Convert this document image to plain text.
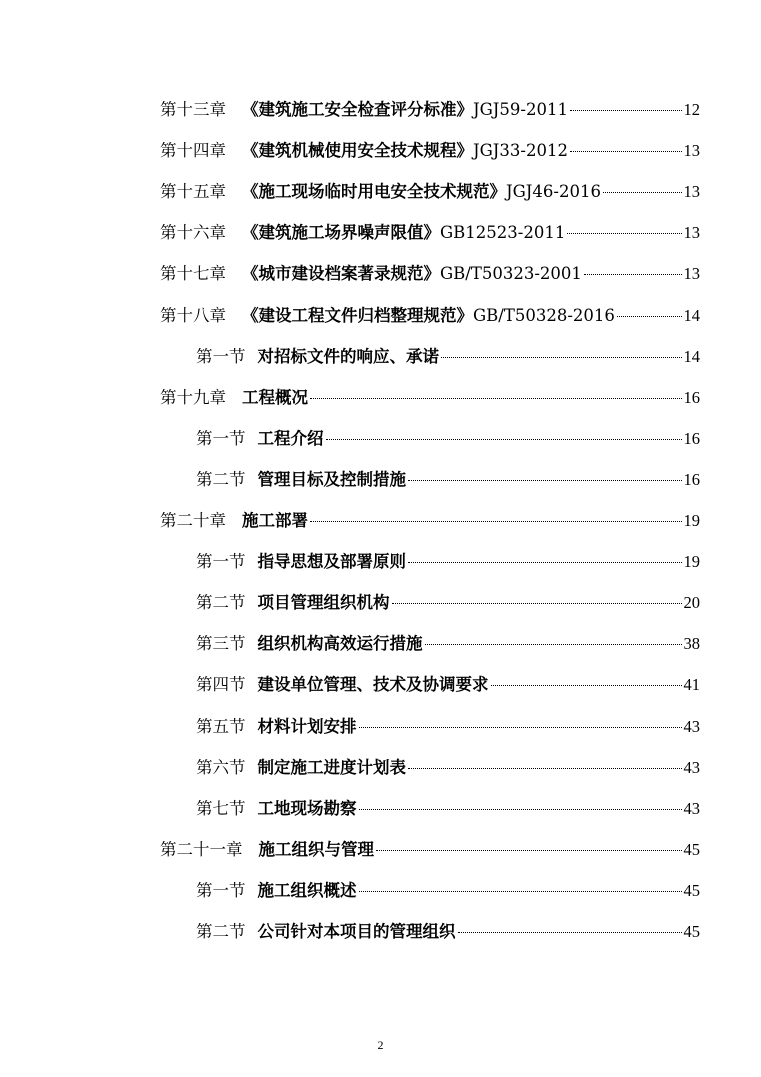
第十三章 《建筑施工安全检查评分标准》 JGJ59-2011	12
第十四章 《建筑机械使用安全技术规程》 JGJ33-2012	13
第十五章 《施工现场临时用电安全技术规范》 JGJ46-2016	13
第十六章 《建筑施工场界噪声限值》 GB12523-2011	13
第十七章 《城市建设档案著录规范》 GB/T50323-2001	13
第十八章 《建设工程文件归档整理规范》 GB/T50328-2016	14
第一节 对招标文件的响应、承诺	14
第十九章 工程概况	16
第一节 工程介绍	16
第二节 管理目标及控制措施	16
第二十章 施工部署	19
第一节 指导思想及部署原则	19
第二节 项目管理组织机构	20
第三节 组织机构高效运行措施	38
第四节 建设单位管理、技术及协调要求	41
第五节 材料计划安排	43
第六节 制定施工进度计划表	43
第七节 工地现场勘察	43
第二十一章 施工组织与管理	45
第一节 施工组织概述	45
第二节 公司针对本项目的管理组织	45
2
